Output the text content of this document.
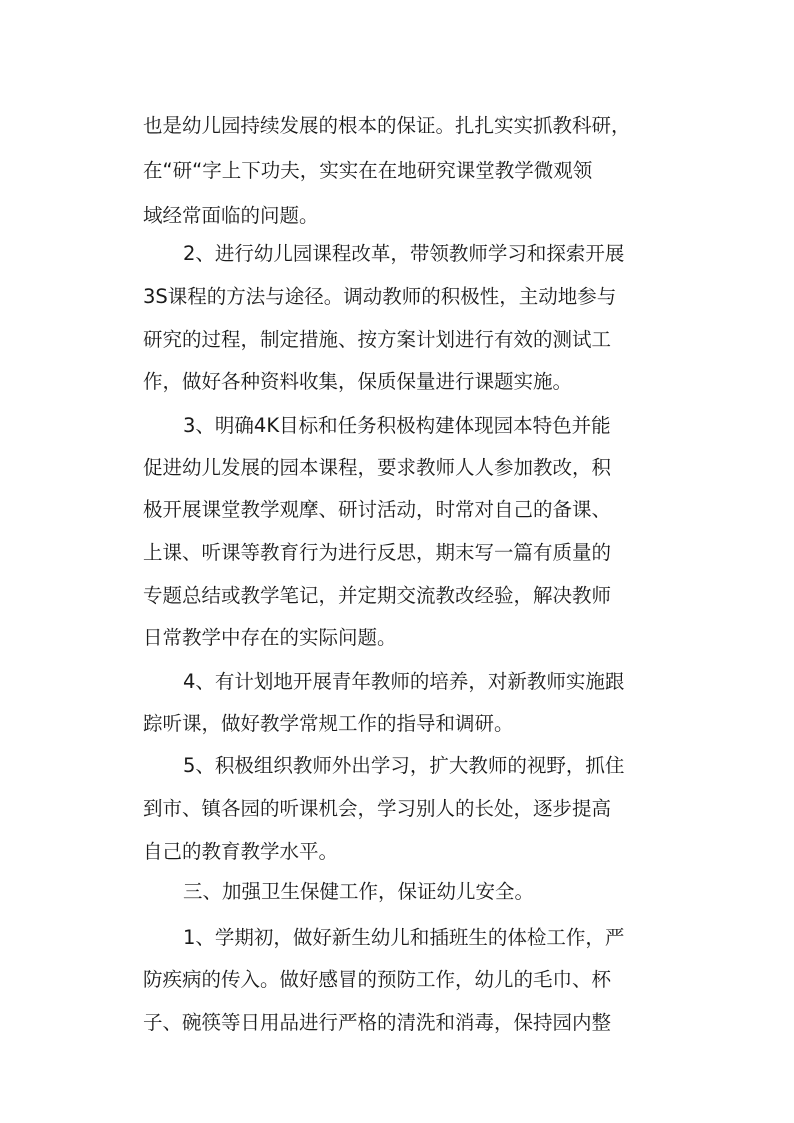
也是幼儿园持续发展的根本的保证。扎扎实实抓教科研，
在“研“字上下功夫，实实在在地研究课堂教学微观领
域经常面临的问题。
2、进行幼儿园课程改革，带领教师学习和探索开展
3S课程的方法与途径。调动教师的积极性，主动地参与
研究的过程，制定措施、按方案计划进行有效的测试工
作，做好各种资料收集，保质保量进行课题实施。
3、明确4K目标和任务积极构建体现园本特色并能
促进幼儿发展的园本课程，要求教师人人参加教改，积
极开展课堂教学观摩、研讨活动，时常对自己的备课、
上课、听课等教育行为进行反思，期末写一篇有质量的
专题总结或教学笔记，并定期交流教改经验，解决教师
日常教学中存在的实际问题。
4、有计划地开展青年教师的培养，对新教师实施跟
踪听课，做好教学常规工作的指导和调研。
5、积极组织教师外出学习，扩大教师的视野，抓住
到市、镇各园的听课机会，学习别人的长处，逐步提高
自己的教育教学水平。
三、加强卫生保健工作，保证幼儿安全。
1、学期初，做好新生幼儿和插班生的体检工作，严
防疾病的传入。做好感冒的预防工作，幼儿的毛巾、杯
子、碗筷等日用品进行严格的清洗和消毒，保持园内整
